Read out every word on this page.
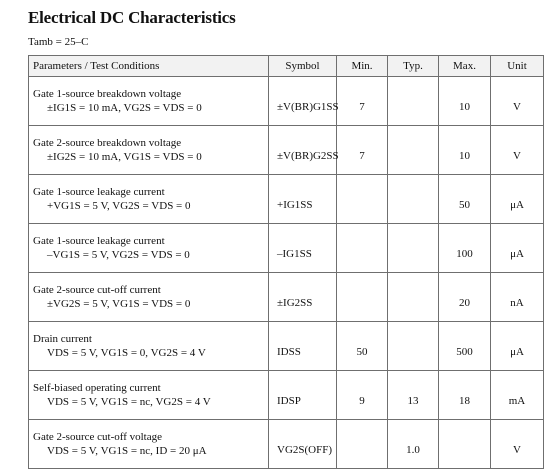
Electrical DC Characteristics
Tamb = 25–C
Parameters / Test Conditions	Symbol	Min.	Typ.	Max.	Unit
Gate 1-source breakdown voltage
±IG1S = 10 mA, VG2S = VDS = 0	±V(BR)G1SS	7		10	V
Gate 2-source breakdown voltage
±IG2S = 10 mA, VG1S = VDS = 0	±V(BR)G2SS	7		10	V
Gate 1-source leakage current
+VG1S = 5 V, VG2S = VDS = 0	+IG1SS			50	μA
Gate 1-source leakage current
–VG1S = 5 V, VG2S = VDS = 0	–IG1SS			100	μA
Gate 2-source cut-off current
±VG2S = 5 V, VG1S = VDS = 0	±IG2SS			20	nA
Drain current
VDS = 5 V, VG1S = 0, VG2S = 4 V	IDSS	50		500	μA
Self-biased operating current
VDS = 5 V, VG1S = nc, VG2S = 4 V	IDSP	9	13	18	mA
Gate 2-source cut-off voltage
VDS = 5 V, VG1S = nc, ID = 20 μA	VG2S(OFF)		1.0		V
